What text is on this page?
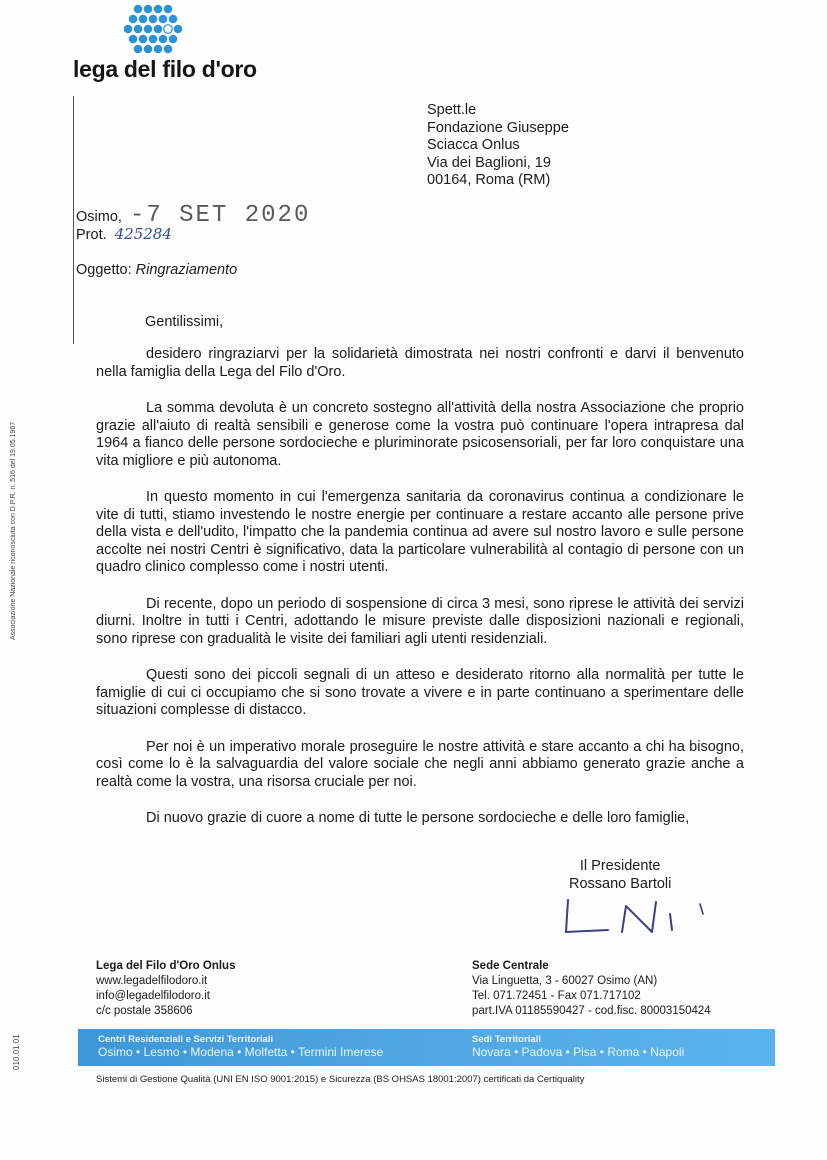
lega del filo d'oro
Associazione Nazionale riconosciuta con D.P.R. n. 516 del 19.05.1967
010.01.01
Spett.le
Fondazione Giuseppe
Sciacca Onlus
Via dei Baglioni, 19
00164, Roma (RM)
Osimo, -7 SET 2020
Prot. 425284
Oggetto: Ringraziamento
Gentilissimi,

desidero ringraziarvi per la solidarietà dimostrata nei nostri confronti e darvi il benvenuto nella famiglia della Lega del Filo d'Oro.

La somma devoluta è un concreto sostegno all'attività della nostra Associazione che proprio grazie all'aiuto di realtà sensibili e generose come la vostra può continuare l'opera intrapresa dal 1964 a fianco delle persone sordocieche e pluriminorate psicosensoriali, per far loro conquistare una vita migliore e più autonoma.

In questo momento in cui l'emergenza sanitaria da coronavirus continua a condizionare le vite di tutti, stiamo investendo le nostre energie per continuare a restare accanto alle persone prive della vista e dell'udito, l'impatto che la pandemia continua ad avere sul nostro lavoro e sulle persone accolte nei nostri Centri è significativo, data la particolare vulnerabilità al contagio di persone con un quadro clinico complesso come i nostri utenti.

Di recente, dopo un periodo di sospensione di circa 3 mesi, sono riprese le attività dei servizi diurni. Inoltre in tutti i Centri, adottando le misure previste dalle disposizioni nazionali e regionali, sono riprese con gradualità le visite dei familiari agli utenti residenziali.

Questi sono dei piccoli segnali di un atteso e desiderato ritorno alla normalità per tutte le famiglie di cui ci occupiamo che si sono trovate a vivere e in parte continuano a sperimentare delle situazioni complesse di distacco.

Per noi è un imperativo morale proseguire le nostre attività e stare accanto a chi ha bisogno, così come lo è la salvaguardia del valore sociale che negli anni abbiamo generato grazie anche a realtà come la vostra, una risorsa cruciale per noi.

Di nuovo grazie di cuore a nome di tutte le persone sordocieche e delle loro famiglie,

Il Presidente
Rossano Bartoli
Lega del Filo d'Oro Onlus
www.legadelfilodoro.it
info@legadelfilodoro.it
c/c postale 358606
Sede Centrale
Via Linguetta, 3 - 60027 Osimo (AN)
Tel. 071.72451 - Fax 071.717102
part.IVA 01185590427 - cod.fisc. 80003150424
Centri Residenziali e Servizi Territoriali
Osimo • Lesmo • Modena • Molfetta • Termini Imerese
Sedi Territoriali
Novara • Padova • Pisa • Roma • Napoli
Sistemi di Gestione Qualità (UNI EN ISO 9001:2015) e Sicurezza (BS OHSAS 18001:2007) certificati da Certiquality
